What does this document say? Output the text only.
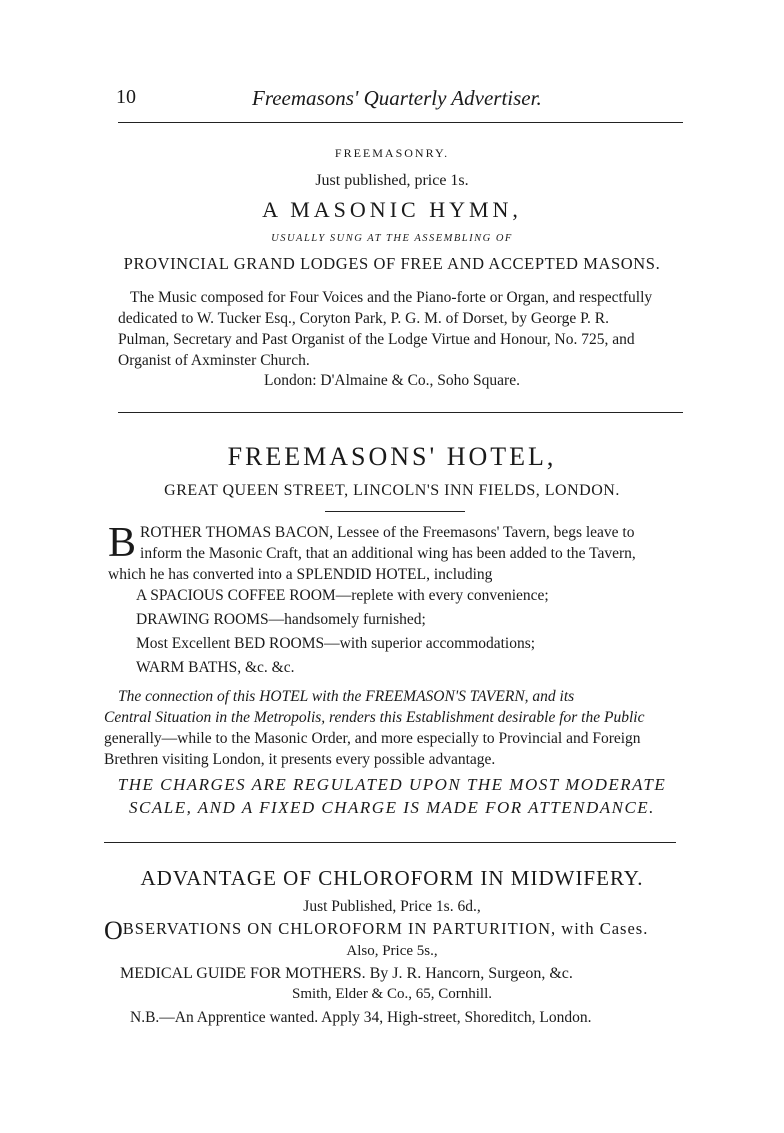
10	Freemasons' Quarterly Advertiser.
FREEMASONRY.
Just published, price 1s.
A MASONIC HYMN,
USUALLY SUNG AT THE ASSEMBLING OF
PROVINCIAL GRAND LODGES OF FREE AND ACCEPTED MASONS.
The Music composed for Four Voices and the Piano-forte or Organ, and respectfully
dedicated to W. Tucker Esq., Coryton Park, P. G. M. of Dorset, by George P. R.
Pulman, Secretary and Past Organist of the Lodge Virtue and Honour, No. 725, and
Organist of Axminster Church.
London: D'Almaine & Co., Soho Square.
FREEMASONS' HOTEL,
GREAT QUEEN STREET, LINCOLN'S INN FIELDS, LONDON.
B ROTHER THOMAS BACON, Lessee of the Freemasons' Tavern, begs leave to
inform the Masonic Craft, that an additional wing has been added to the Tavern,
which he has converted into a SPLENDID HOTEL, including
A SPACIOUS COFFEE ROOM—replete with every convenience;
DRAWING ROOMS—handsomely furnished;
Most Excellent BED ROOMS—with superior accommodations;
WARM BATHS, &c. &c.
The connection of this HOTEL with the FREEMASON'S TAVERN, and its
Central Situation in the Metropolis, renders this Establishment desirable for the Public
generally—while to the Masonic Order, and more especially to Provincial and Foreign
Brethren visiting London, it presents every possible advantage.
THE CHARGES ARE REGULATED UPON THE MOST MODERATE
SCALE, AND A FIXED CHARGE IS MADE FOR ATTENDANCE.
ADVANTAGE OF CHLOROFORM IN MIDWIFERY.
Just Published, Price 1s. 6d.,
OBSERVATIONS ON CHLOROFORM IN PARTURITION, with Cases.
Also, Price 5s.,
MEDICAL GUIDE FOR MOTHERS. By J. R. Hancorn, Surgeon, &c.
Smith, Elder & Co., 65, Cornhill.
N.B.—An Apprentice wanted. Apply 34, High-street, Shoreditch, London.
